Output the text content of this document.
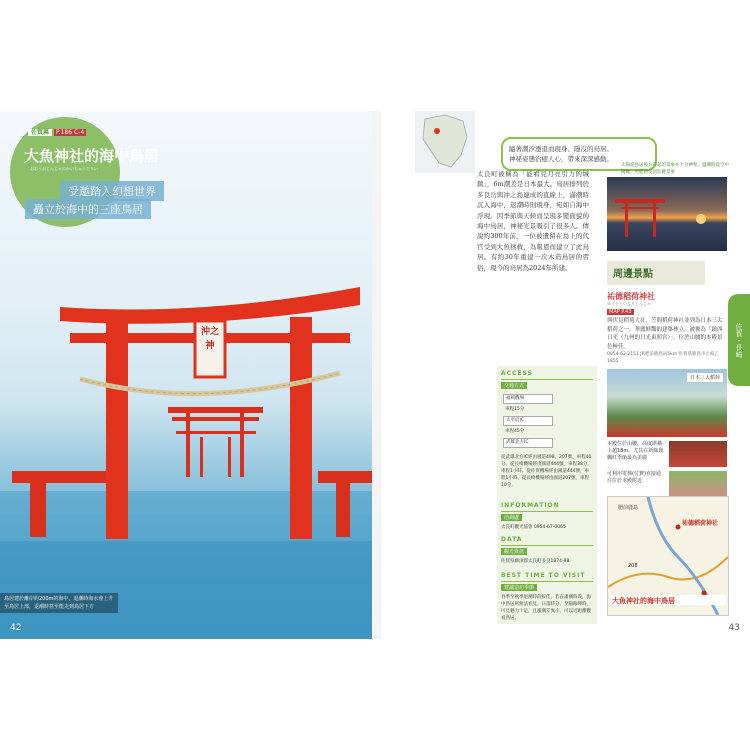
沖之神
佐賀縣 P.186 C-4
大魚神社的海中鳥居
おおうおじんじゃのかいちゅうとりい
受邀踏入幻想世界
矗立於海中的三座鳥居
鳥居建於離岸約200m的海中，退潮時海水會上升至鳥居上部，退潮時甚至能走到鳥居下方
42
隨著潮汐漲退而現身、隱沒的鳥居。
神秘姿態治癒人心，帶來深深感動。
太良町被稱為「能看見月亮引力的城鎮」，6m潮差是日本最大。鳥居排列於多良岳與冲之島連成的直線上，滿潮時沉入海中，退潮時則現身，宛如自海中浮現。因季節與天候而呈現多變面貌的海中鳥居，神秘光景吸引了很多人。傳說約300年前，一位被遺留在島上的代官受到大魚拯救，為報恩而建立了此鳥居。有約30年重建一次木造鳥居的習俗，現今的鳥居為2024年所建。
太陽從鳥居後方升起的景象亦十分神聖。溫潮時從空中俯瞰，更能感受到壯麗景象
周邊景點
祐德稻荷神社
ゆうとくいなりじんじゃ
MAP P.43
與伏見稻荷大社、笠間稻荷神社並列為日本三大稻荷之一，華麗鮮豔的建築林立，被譽為「鎮西日光（九州的日光東照宮）」。位於山腰的本殿景色極佳。
0954-62-2151 JR肥前鹿島站5km 佐賀県鹿島市古枝乙1855
日本三大稻荷
本殿位於山腰，高度堪稱上超18m，尤其在新綠與楓紅季節最為美麗
可利用電梯(付費)直接通往位於本殿附近
肥前鹿島
祐德稻荷神社
208
大魚神社的海中鳥居
佐賀・長崎
ACCESS
交通方式
福岡機場
車程15分
太宰府IC
車程45分
武雄北方IC
從武雄北方IC經由國道498、207號，車程40分。從長崎機場經由國道444號，車程38分。車程1小時。從佐賀機場經由國道444號，車程1小時。從長崎機場經由國道207號，車程10分。
INFORMATION
洽詢處
太良町觀光協會 0954-67-0065
DATA
觀光資訊
佐賀県藤津郡太良町多良1874-98
BEST TIME TO VISIT
建議造訪季節
春季至秋季退潮時段較佳，若在滿潮時段，海中鳥居則無法看見。日落時分、夕陽餘暉時，可見魅力十足，且漲潮差異小，可以近距離觀看鳥居。
43
